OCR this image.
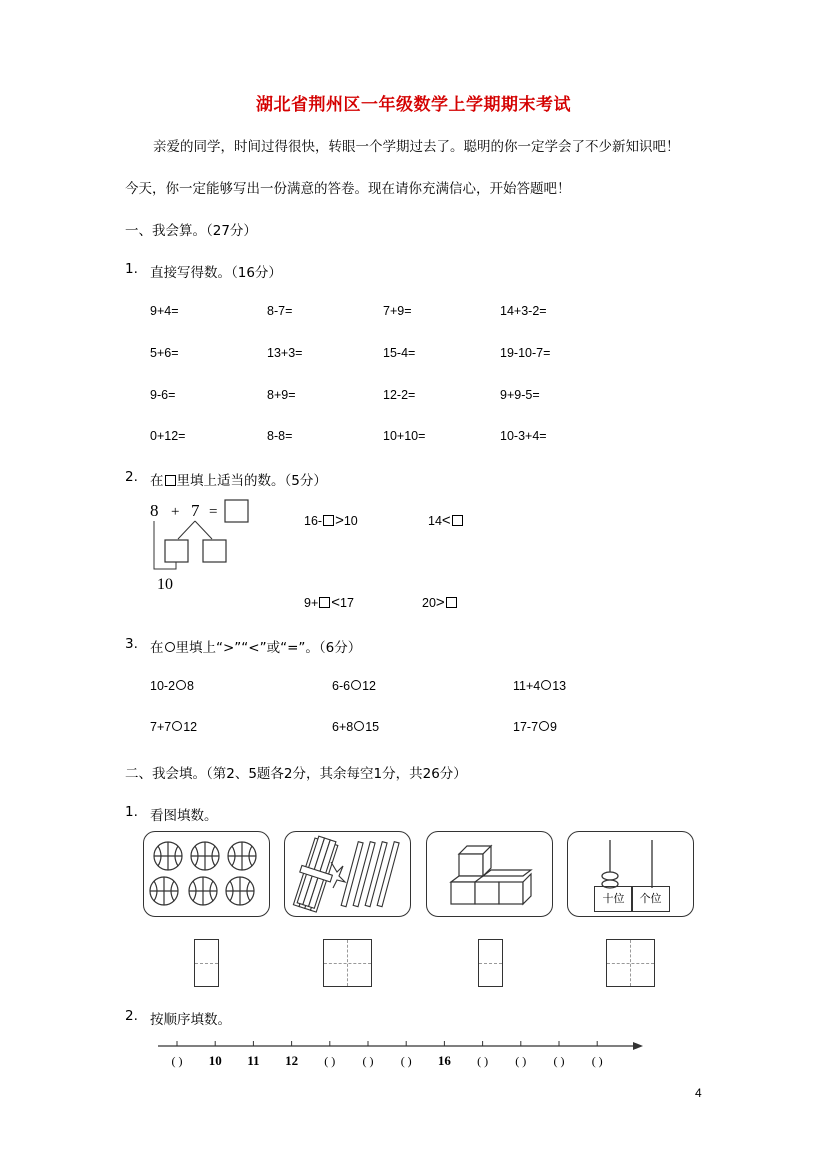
湖北省荆州区一年级数学上学期期末考试
亲爱的同学，时间过得很快，转眼一个学期过去了。聪明的你一定学会了不少新知识吧！
今天，你一定能够写出一份满意的答卷。现在请你充满信心，开始答题吧！
一、我会算。（27分）
1. 直接写得数。（16分）
9+4=	8-7=	7+9=	14+3-2=
5+6=	13+3=	15-4=	19-10-7=
9-6=	8+9=	12-2=	9+9-5=
0+12=	8-8=	10+10=	10-3+4=
2. 在 里填上适当的数。（5分）
8 + 7 =
10
16- >10	14<
9+ <17	20>
3. 在 里填上“>”“<”或“=”。（6分）
10-2 8	6-6 12	11+4 13
7+7 12	6+8 15	17-7 9
二、我会填。（第2、5题各2分，其余每空1分，共26分）
1. 看图填数。
十位	个位
2. 按顺序填数。
( ) 10 11 12 ( ) ( ) ( ) 16 ( ) ( ) ( ) ( )
4
